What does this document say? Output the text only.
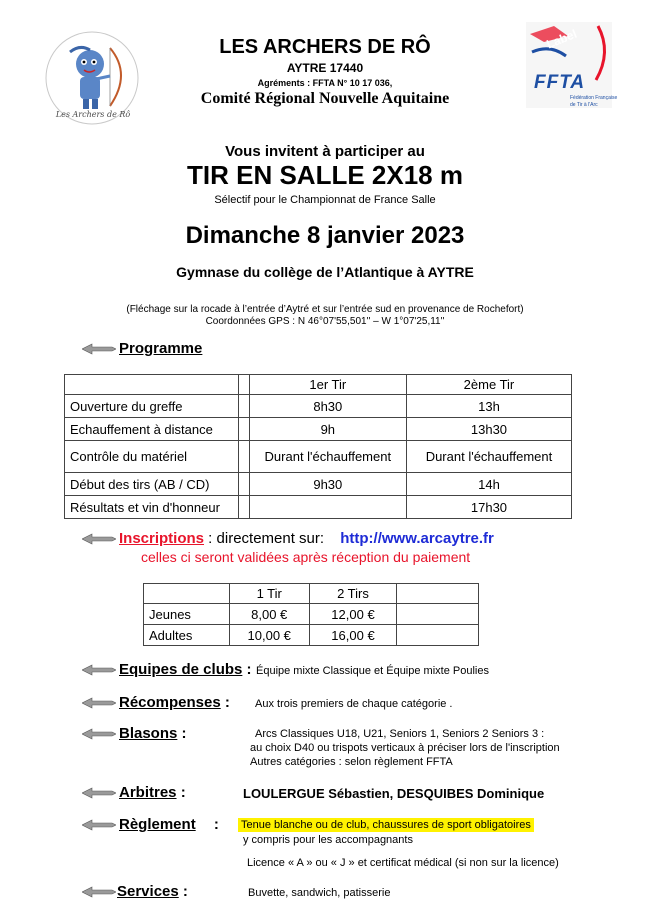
Les Archers de Rô
Label
FFTA
Fédération Française
de Tir à l'Arc
LES ARCHERS DE RÔ
AYTRE 17440
Agréments : FFTA N° 10 17 036,
Comité Régional Nouvelle Aquitaine
Vous invitent à participer au
TIR EN SALLE 2X18 m
Sélectif pour le Championnat de France Salle
Dimanche 8 janvier 2023
Gymnase du collège de l’Atlantique à AYTRE
(Fléchage sur la rocade à l’entrée d’Aytré et sur l’entrée sud en provenance de Rochefort)
Coordonnées GPS : N 46°07'55,501'' – W 1°07'25,11''
Programme
		1er Tir	2ème Tir
Ouverture du greffe		8h30	13h
Echauffement à distance		9h	13h30
Contrôle du matériel		Durant l'échauffement	Durant l'échauffement
Début des tirs (AB / CD)		9h30	14h
Résultats et vin d'honneur			17h30
Inscriptions : directement sur: http://www.arcaytre.fr
celles ci seront validées après réception du paiement
	1 Tir	2 Tirs	
Jeunes	8,00 €	12,00 €	
Adultes	10,00 €	16,00 €	
Equipes de clubs : Équipe mixte Classique et Équipe mixte Poulies
Récompenses : Aux trois premiers de chaque catégorie .
Blasons :	Arcs Classiques U18, U21, Seniors 1, Seniors 2 Seniors 3 :
au choix D40 ou trispots verticaux à préciser lors de l'inscription
Autres catégories : selon règlement FFTA
Arbitres :	LOULERGUE Sébastien, DESQUIBES Dominique
Règlement : Tenue blanche ou de club, chaussures de sport obligatoires
y compris pour les accompagnants
Licence « A » ou « J » et certificat médical (si non sur la licence)
Services :	Buvette, sandwich, patisserie
